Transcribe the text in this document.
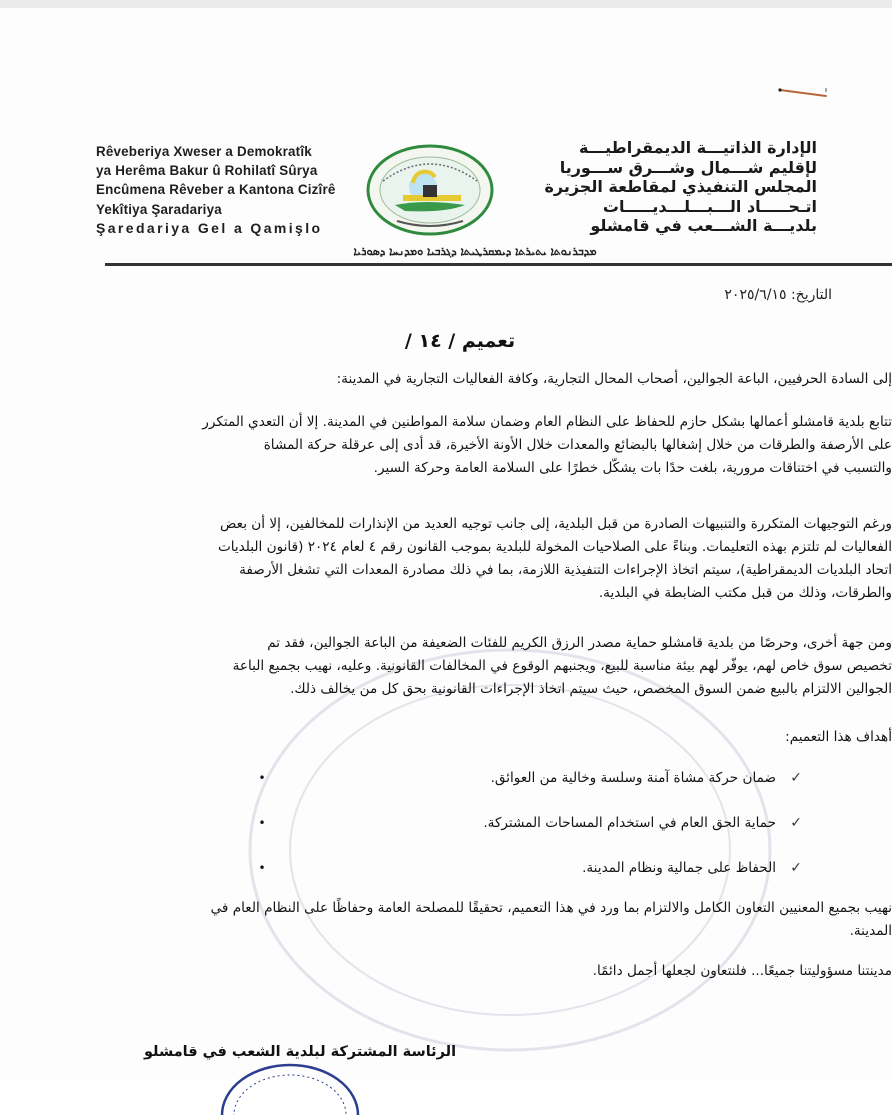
Rêveberiya Xweser a Demokratîk
ya Herêma Bakur û Rohilatî Sûrya
Encûmena Rêveber a Kantona Cizîrê
Yekîtiya Şaradariya
Şaredariya Gel a Qamişlo
الإدارة الذاتيـــة الديمقراطيـــة
لإقليم شـــمال وشـــرق ســـوريا
المجلس التنفيذي لمقاطعة الجزيرة
اتـحـــــاد الـــبـــلـــديـــــات
بلديـــة الشـــعب في قامشلو
ܡܕܒܪܢܘܬܐ ܝܬܝܪܬܐ ܕܝܡܩܪܛܝܬܐ ܕܓܪܒܝܐ ܘܡܕܢܚܐ ܕܣܘܪܝܐ
التاريخ: ٢٠٢٥/٦/١٥
تعميم / ١٤ /
إلى السادة الحرفيين، الباعة الجوالين، أصحاب المحال التجارية، وكافة الفعاليات التجارية في المدينة:
تتابع بلدية قامشلو أعمالها بشكل حازم للحفاظ على النظام العام وضمان سلامة المواطنين في المدينة. إلا أن التعدي المتكرر
على الأرصفة والطرقات من خلال إشغالها بالبضائع والمعدات خلال الأونة الأخيرة، قد أدى إلى عرقلة حركة المشاة
والتسبب في اختناقات مرورية، بلغت حدًا بات يشكّل خطرًا على السلامة العامة وحركة السير.
ورغم التوجيهات المتكررة والتنبيهات الصادرة من قبل البلدية، إلى جانب توجيه العديد من الإنذارات للمخالفين، إلا أن بعض
الفعاليات لم تلتزم بهذه التعليمات. وبناءً على الصلاحيات المخولة للبلدية بموجب القانون رقم ٤ لعام ٢٠٢٤ (قانون البلديات
اتحاد البلديات الديمقراطية)، سيتم اتخاذ الإجراءات التنفيذية اللازمة، بما في ذلك مصادرة المعدات التي تشغل الأرصفة
والطرقات، وذلك من قبل مكتب الضابطة في البلدية.
ومن جهة أخرى، وحرصًا من بلدية قامشلو حماية مصدر الرزق الكريم للفئات الضعيفة من الباعة الجوالين، فقد تم
تخصيص سوق خاص لهم، يوفّر لهم بيئة مناسبة للبيع، ويجنبهم الوقوع في المخالفات القانونية. وعليه، نهيب بجميع الباعة
الجوالين الالتزام بالبيع ضمن السوق المخصص، حيث سيتم اتخاذ الإجراءات القانونية بحق كل من يخالف ذلك.
أهداف هذا التعميم:
✓ضمان حركة مشاة آمنة وسلسة وخالية من العوائق.
•
✓حماية الحق العام في استخدام المساحات المشتركة.
•
✓الحفاظ على جمالية ونظام المدينة.
•
نهيب بجميع المعنيين التعاون الكامل والالتزام بما ورد في هذا التعميم، تحقيقًا للمصلحة العامة وحفاظًا على النظام العام في
المدينة.
مدينتنا مسؤوليتنا جميعًا... فلنتعاون لجعلها أجمل دائمًا.
الرئاسة المشتركة لبلدية الشعب في قامشلو
